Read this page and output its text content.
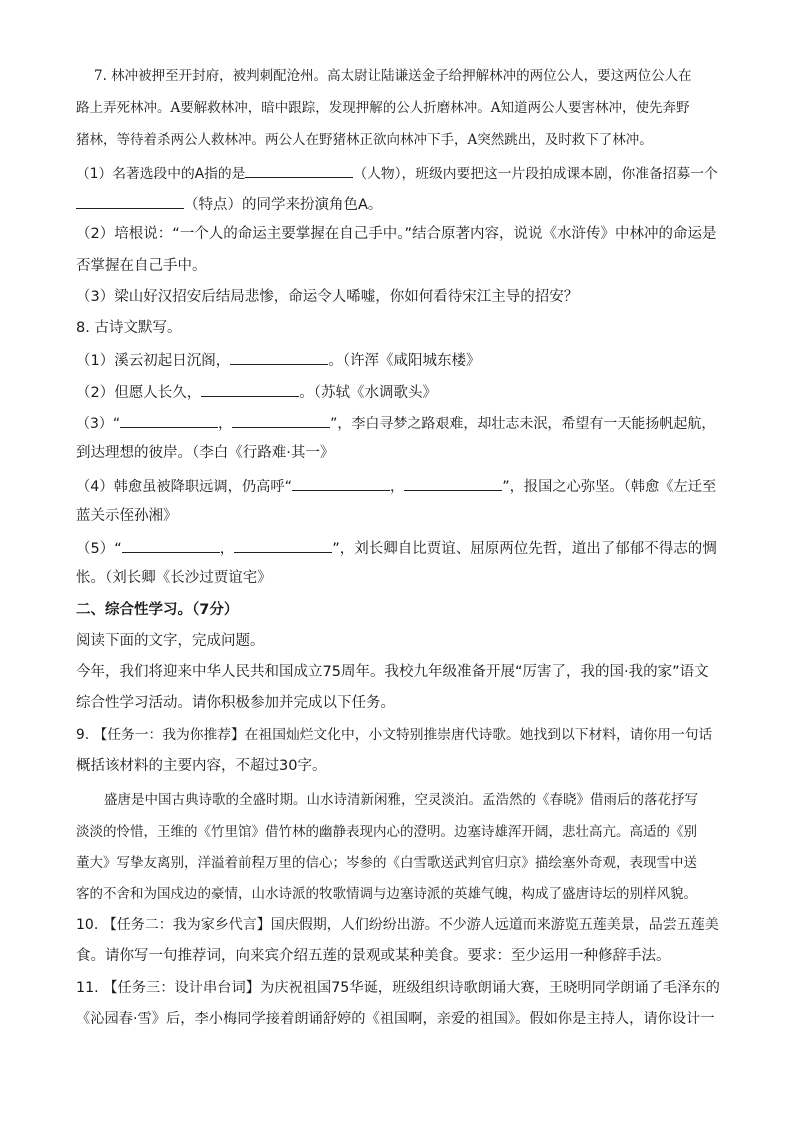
7. 林冲被押至开封府，被判刺配沧州。高太尉让陆谦送金子给押解林冲的两位公人，要这两位公人在
路上弄死林冲。A要解救林冲，暗中跟踪，发现押解的公人折磨林冲。A知道两公人要害林冲，使先奔野
猪林，等待着杀两公人救林冲。两公人在野猪林正欲向林冲下手，A突然跳出，及时救下了林冲。
（1）名著选段中的A指的是	（人物），班级内要把这一片段拍成课本剧，你准备招募一个
（特点）的同学来扮演角色A。
（2）培根说：“一个人的命运主要掌握在自己手中。”结合原著内容，说说《水浒传》中林冲的命运是
否掌握在自己手中。
（3）梁山好汉招安后结局悲惨，命运令人唏嘘，你如何看待宋江主导的招安？
8. 古诗文默写。
（1）溪云初起日沉阁，	。（许浑《咸阳城东楼》
（2）但愿人长久，	。（苏轼《水调歌头》
（3）“	，	”，李白寻梦之路艰难，却壮志未泯，希望有一天能扬帆起航，
到达理想的彼岸。（李白《行路难·其一》
（4）韩愈虽被降职远调，仍高呼“	，	”，报国之心弥坚。（韩愈《左迁至
蓝关示侄孙湘》
（5）“	，	”，刘长卿自比贾谊、屈原两位先哲，道出了郁郁不得志的惆
怅。（刘长卿《长沙过贾谊宅》
二、综合性学习。（7分）
阅读下面的文字，完成问题。
今年，我们将迎来中华人民共和国成立75周年。我校九年级准备开展“厉害了，我的国·我的家”语文
综合性学习活动。请你积极参加并完成以下任务。
9. 【任务一：我为你推荐】在祖国灿烂文化中，小文特别推崇唐代诗歌。她找到以下材料，请你用一句话
概括该材料的主要内容，不超过30字。
盛唐是中国古典诗歌的全盛时期。山水诗清新闲雅，空灵淡泊。孟浩然的《春晓》借雨后的落花抒写
淡淡的怜惜，王维的《竹里馆》借竹林的幽静表现内心的澄明。边塞诗雄浑开阔，悲壮高亢。高适的《别
董大》写挚友离别，洋溢着前程万里的信心；岑参的《白雪歌送武判官归京》描绘塞外奇观，表现雪中送
客的不舍和为国戍边的豪情，山水诗派的牧歌情调与边塞诗派的英雄气魄，构成了盛唐诗坛的别样风貌。
10. 【任务二：我为家乡代言】国庆假期，人们纷纷出游。不少游人远道而来游览五莲美景，品尝五莲美
食。请你写一句推荐词，向来宾介绍五莲的景观或某种美食。要求：至少运用一种修辞手法。
11. 【任务三：设计串台词】为庆祝祖国75华诞，班级组织诗歌朗诵大赛，王晓明同学朗诵了毛泽东的
《沁园春·雪》后，李小梅同学接着朗诵舒婷的《祖国啊，亲爱的祖国》。假如你是主持人，请你设计一
